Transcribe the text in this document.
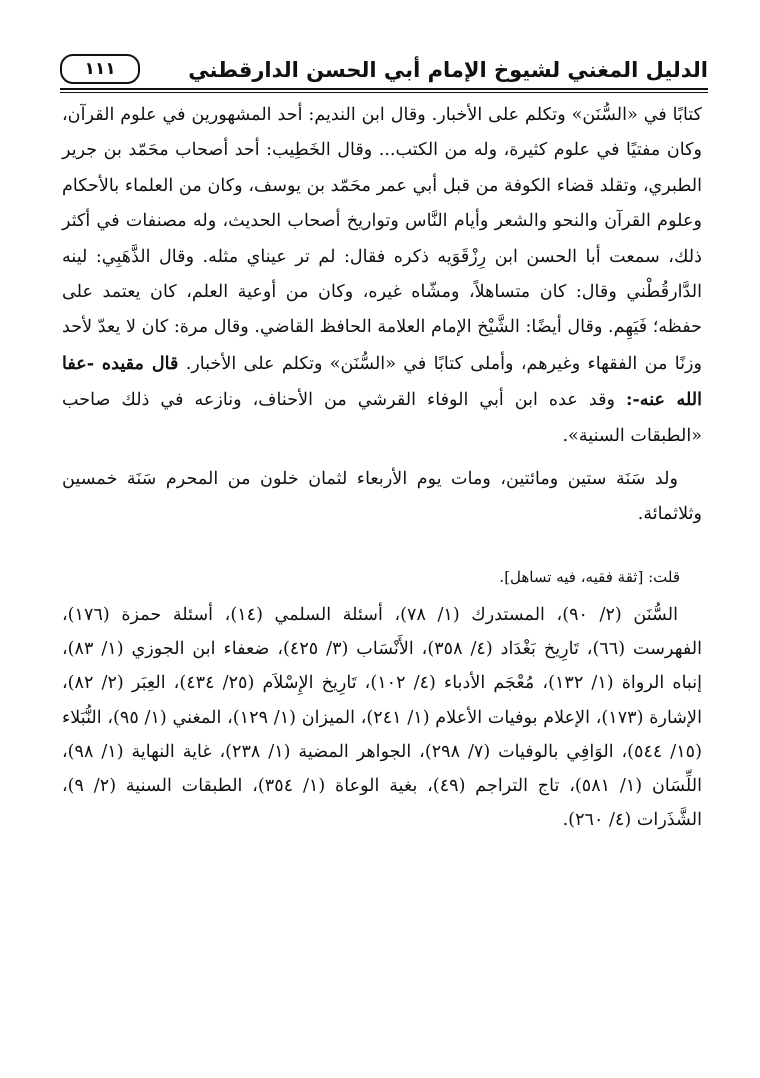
الدليل المغني لشيوخ الإمام أبي الحسن الدارقطني
١١١

كتابًا في «السُّنَن» وتكلم على الأخبار. وقال ابن النديم: أحد المشهورين في علوم القرآن، وكان مفتيًا في علوم كثيرة، وله من الكتب... وقال الخَطِيب: أحد أصحاب محَمّد بن جرير الطبري، وتقلد قضاء الكوفة من قبل أبي عمر محَمّد بن يوسف، وكان من العلماء بالأحكام وعلوم القرآن والنحو والشعر وأيام النَّاس وتواريخ أصحاب الحديث، وله مصنفات في أكثر ذلك، سمعت أبا الحسن ابن رِزْقَوَيه ذكره فقال: لم تر عيناي مثله. وقال الذَّهَبِي: لينه الدَّارقُطْني وقال: كان متساهلاً، ومشّاه غيره، وكان من أوعية العلم، كان يعتمد على حفظه؛ فَيَهِم. وقال أيضًا: الشَّيْخ الإمام العلامة الحافظ القاضي. وقال مرة: كان لا يعدّ لأحد وزنًا من الفقهاء وغيرهم، وأملى كتابًا في «السُّنَن» وتكلم على الأخبار. قال مقيده -عفا الله عنه-: وقد عده ابن أبي الوفاء القرشي من الأحناف، ونازعه في ذلك صاحب «الطبقات السنية».

ولد سَنَة ستين ومائتين، ومات يوم الأربعاء لثمان خلون من المحرم سَنَة خمسين وثلاثمائة.

قلت: [ثقة فقيه، فيه تساهل].

السُّنَن (٢/ ٩٠)، المستدرك (١/ ٧٨)، أسئلة السلمي (١٤)، أسئلة حمزة (١٧٦)، الفهرست (٦٦)، تَارِيخ بَغْدَاد (٤/ ٣٥٨)، الأَنْسَاب (٣/ ٤٢٥)، ضعفاء ابن الجوزي (١/ ٨٣)، إنباه الرواة (١/ ١٣٢)، مُعْجَم الأدباء (٤/ ١٠٢)، تَارِيخ الإِسْلاَم (٢٥/ ٤٣٤)، العِبَر (٢/ ٨٢)، الإشارة (١٧٣)، الإعلام بوفيات الأعلام (١/ ٢٤١)، الميزان (١/ ١٢٩)، المغني (١/ ٩٥)، النُّبَلاء (١٥/ ٥٤٤)، الوَافِي بالوفيات (٧/ ٢٩٨)، الجواهر المضية (١/ ٢٣٨)، غاية النهاية (١/ ٩٨)، اللِّسَان (١/ ٥٨١)، تاج التراجم (٤٩)، بغية الوعاة (١/ ٣٥٤)، الطبقات السنية (٢/ ٩)، الشَّذَرات (٤/ ٢٦٠).
